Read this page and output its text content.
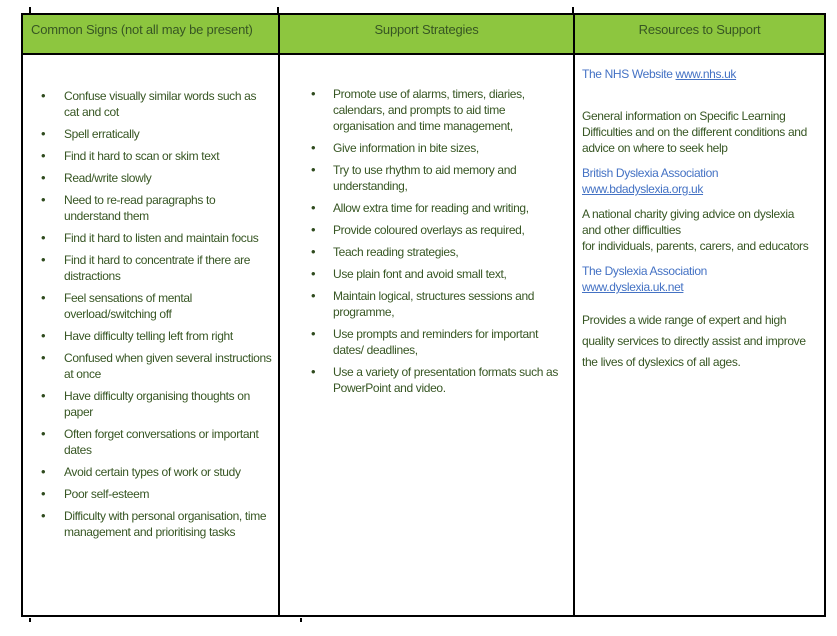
Common Signs (not all may be present)
• Confuse visually similar words such as cat and cot
• Spell erratically
• Find it hard to scan or skim text
• Read/write slowly
• Need to re-read paragraphs to understand them
• Find it hard to listen and maintain focus
• Find it hard to concentrate if there are distractions
• Feel sensations of mental overload/switching off
• Have difficulty telling left from right
• Confused when given several instructions at once
• Have difficulty organising thoughts on paper
• Often forget conversations or important dates
• Avoid certain types of work or study
• Poor self-esteem
• Difficulty with personal organisation, time management and prioritising tasks
Support Strategies
• Promote use of alarms, timers, diaries, calendars, and prompts to aid time organisation and time management,
• Give information in bite sizes,
• Try to use rhythm to aid memory and understanding,
• Allow extra time for reading and writing,
• Provide coloured overlays as required,
• Teach reading strategies,
• Use plain font and avoid small text,
• Maintain logical, structures sessions and programme,
• Use prompts and reminders for important dates/ deadlines,
• Use a variety of presentation formats such as PowerPoint and video.
Resources to Support

The NHS Website www.nhs.uk

General information on Specific Learning Difficulties and on the different conditions and advice on where to seek help

British Dyslexia Association
www.bdadyslexia.org.uk

A national charity giving advice on dyslexia and other difficulties
for individuals, parents, carers, and educators

The Dyslexia Association
www.dyslexia.uk.net

Provides a wide range of expert and high quality services to directly assist and improve the lives of dyslexics of all ages.
